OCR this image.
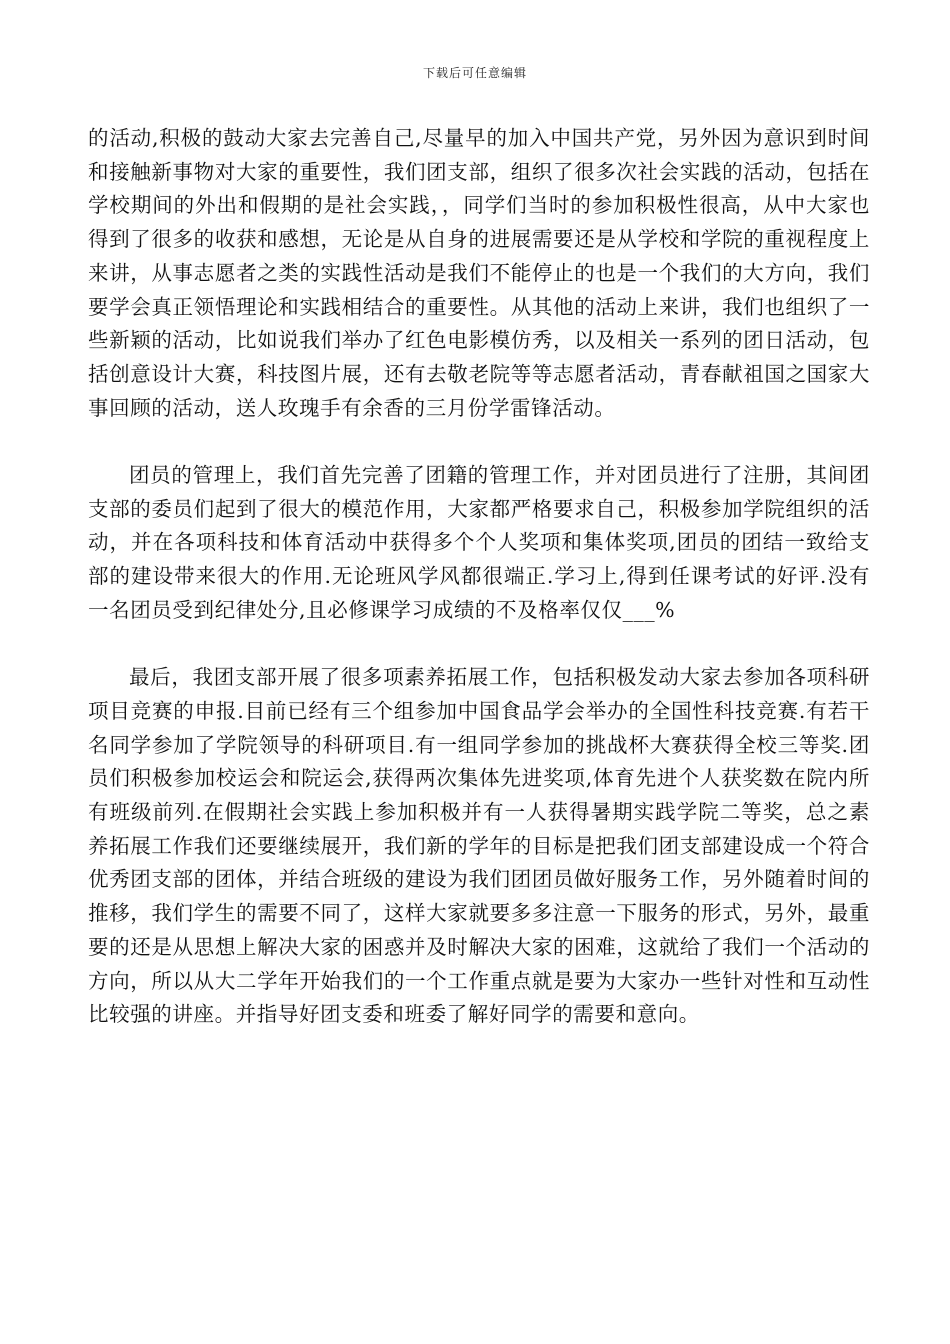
下载后可任意编辑

的活动,积极的鼓动大家去完善自己,尽量早的加入中国共产党，另外因为意识到时间和接触新事物对大家的重要性，我们团支部，组织了很多次社会实践的活动，包括在学校期间的外出和假期的是社会实践，，同学们当时的参加积极性很高，从中大家也得到了很多的收获和感想，无论是从自身的进展需要还是从学校和学院的重视程度上来讲，从事志愿者之类的实践性活动是我们不能停止的也是一个我们的大方向，我们要学会真正领悟理论和实践相结合的重要性。从其他的活动上来讲，我们也组织了一些新颖的活动，比如说我们举办了红色电影模仿秀，以及相关一系列的团日活动，包括创意设计大赛，科技图片展，还有去敬老院等等志愿者活动，青春献祖国之国家大事回顾的活动，送人玫瑰手有余香的三月份学雷锋活动。

团员的管理上，我们首先完善了团籍的管理工作，并对团员进行了注册，其间团支部的委员们起到了很大的模范作用，大家都严格要求自己，积极参加学院组织的活动，并在各项科技和体育活动中获得多个个人奖项和集体奖项,团员的团结一致给支部的建设带来很大的作用.无论班风学风都很端正.学习上,得到任课考试的好评.没有一名团员受到纪律处分,且必修课学习成绩的不及格率仅仅___%

最后，我团支部开展了很多项素养拓展工作，包括积极发动大家去参加各项科研项目竞赛的申报.目前已经有三个组参加中国食品学会举办的全国性科技竞赛.有若干名同学参加了学院领导的科研项目.有一组同学参加的挑战杯大赛获得全校三等奖.团员们积极参加校运会和院运会,获得两次集体先进奖项,体育先进个人获奖数在院内所有班级前列.在假期社会实践上参加积极并有一人获得暑期实践学院二等奖，总之素养拓展工作我们还要继续展开，我们新的学年的目标是把我们团支部建设成一个符合优秀团支部的团体，并结合班级的建设为我们团团员做好服务工作，另外随着时间的推移，我们学生的需要不同了，这样大家就要多多注意一下服务的形式，另外，最重要的还是从思想上解决大家的困惑并及时解决大家的困难，这就给了我们一个活动的方向，所以从大二学年开始我们的一个工作重点就是要为大家办一些针对性和互动性比较强的讲座。并指导好团支委和班委了解好同学的需要和意向。
